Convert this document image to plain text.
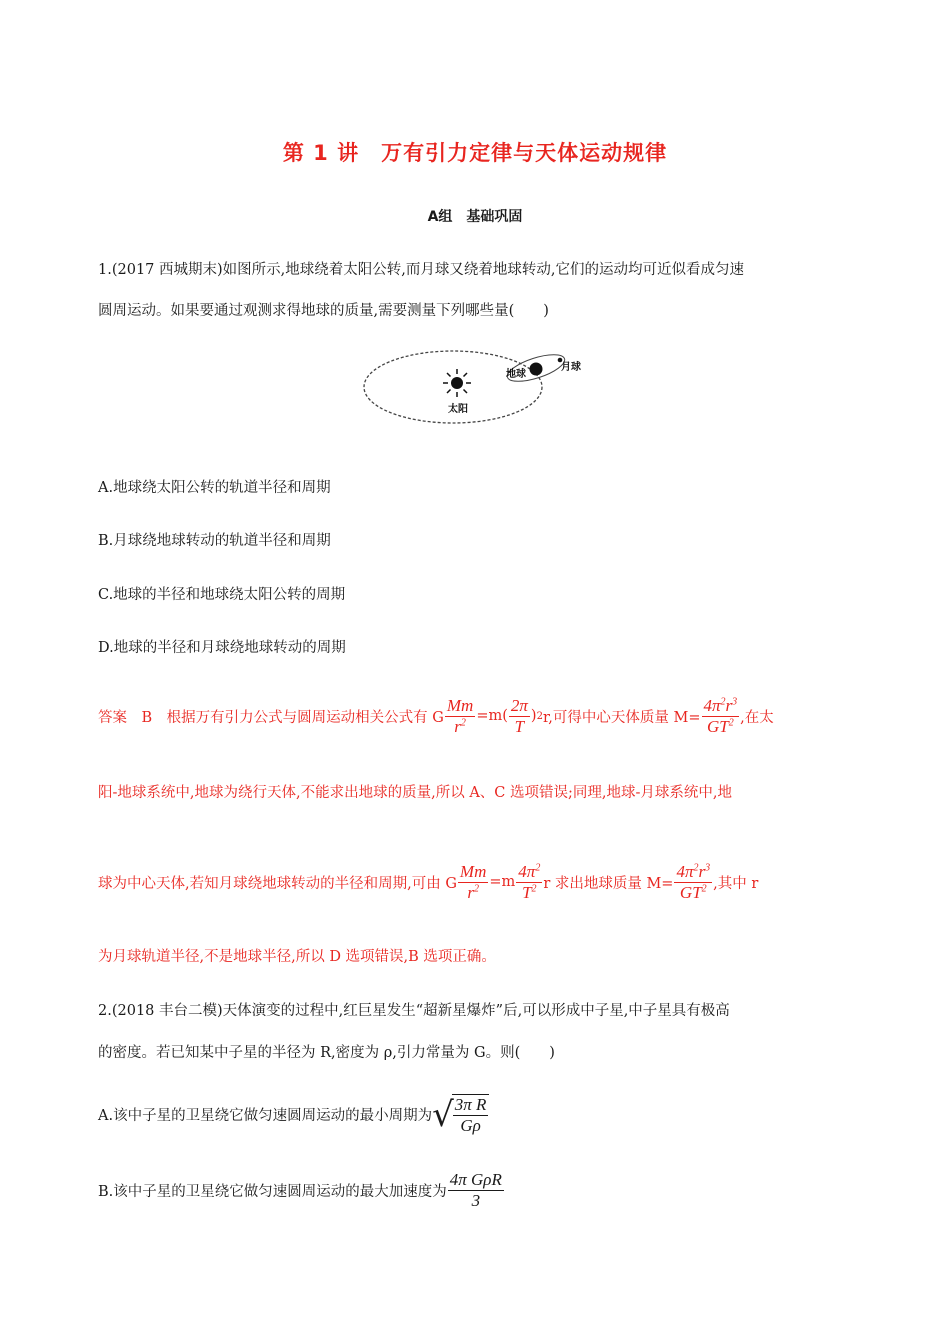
第 1 讲　万有引力定律与天体运动规律
A组　基础巩固
1.(2017 西城期末)如图所示,地球绕着太阳公转,而月球又绕着地球转动,它们的运动均可近似看成匀速
圆周运动。如果要通过观测求得地球的质量,需要测量下列哪些量(　　)
太阳
地球
月球
A.地球绕太阳公转的轨道半径和周期
B.月球绕地球转动的轨道半径和周期
C.地球的半径和地球绕太阳公转的周期
D.地球的半径和月球绕地球转动的周期
答案　B　根据万有引力公式与圆周运动相关公式有 G $\frac{Mm}{r^2} =m( \frac{2\pi}{T}$ ) 2 r,可得中心天体质量 $M= \frac{4\pi^2r^3}{GT^2}$ ,在太
阳-地球系统中,地球为绕行天体,不能求出地球的质量,所以 A、C 选项错误;同理,地球-月球系统中,地
球为中心天体,若知月球绕地球转动的半径和周期,可由 G $\frac{Mm}{r^2} =m \frac{4\pi^2}{T^2}$ r 求出地球质量 $M= \frac{4\pi^2r^3}{GT^2}$ ,其中 r
为月球轨道半径,不是地球半径,所以 D 选项错误,B 选项正确。
2.(2018 丰台二模)天体演变的过程中,红巨星发生“超新星爆炸”后,可以形成中子星,中子星具有极高
的密度。若已知某中子星的半径为 R,密度为 ρ,引力常量为 G。则(　　)
A.该中子星的卫星绕它做匀速圆周运动的最小周期为 √ $\frac{\text{3π R}}{G\rho}$
B.该中子星的卫星绕它做匀速圆周运动的最大加速度为 $\frac{\text{4π GρR}}{3}$
